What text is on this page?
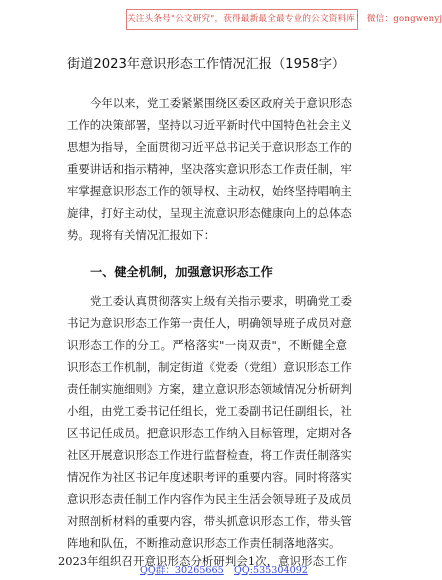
关注头条号"公文研究"，获得最新最全最专业的公文资料库！ 微信：gongwenyj
街道2023年意识形态工作情况汇报（1958字）
今年以来，党工委紧紧围绕区委区政府关于意识形态
工作的决策部署，坚持以习近平新时代中国特色社会主义
思想为指导，全面贯彻习近平总书记关于意识形态工作的
重要讲话和指示精神，坚决落实意识形态工作责任制，牢
牢掌握意识形态工作的领导权、主动权，始终坚持唱响主
旋律，打好主动仗，呈现主流意识形态健康向上的总体态
势。现将有关情况汇报如下：
一、健全机制，加强意识形态工作
党工委认真贯彻落实上级有关指示要求，明确党工委
书记为意识形态工作第一责任人，明确领导班子成员对意
识形态工作的分工。严格落实"一岗双责"，不断健全意
识形态工作机制，制定街道《党委（党组）意识形态工作
责任制实施细则》方案，建立意识形态领域情况分析研判
小组，由党工委书记任组长，党工委副书记任副组长，社
区书记任成员。把意识形态工作纳入目标管理，定期对各
社区开展意识形态工作进行监督检查，将工作责任制落实
情况作为社区书记年度述职考评的重要内容。同时将落实
意识形态责任制工作内容作为民主生活会领导班子及成员
对照剖析材料的重要内容，带头抓意识形态工作，带头管
阵地和队伍，不断推动意识形态工作责任制落地落实。
2023年组织召开意识形态分析研判会1次，意识形态工作
QQ群：30265665 QQ:535304092
